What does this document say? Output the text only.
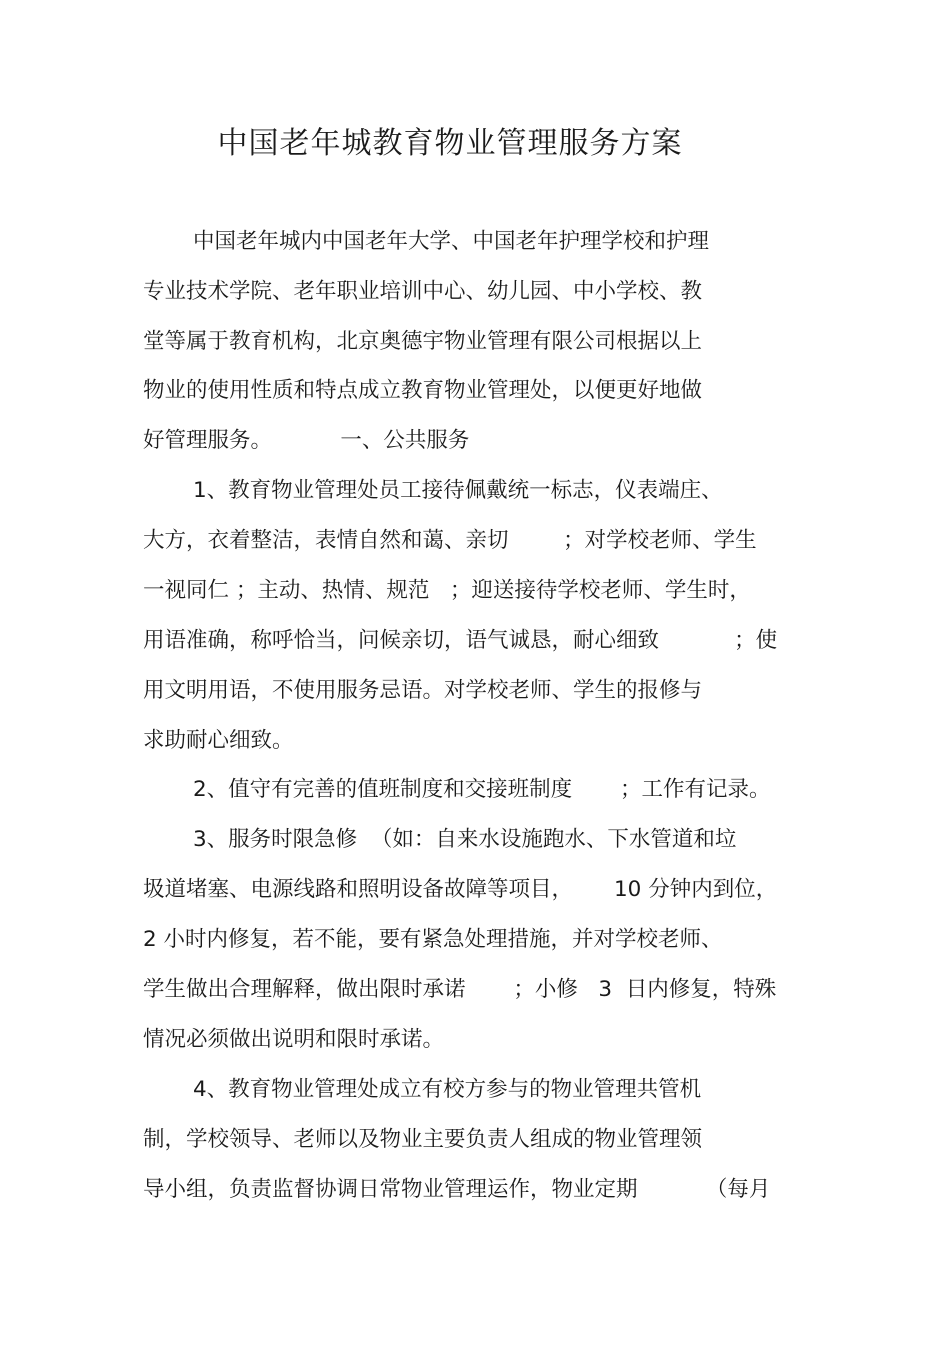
中国老年城教育物业管理服务方案
中国老年城内中国老年大学、中国老年护理学校和护理
专业技术学院、老年职业培训中心、幼儿园、中小学校、教
堂等属于教育机构，北京奥德宇物业管理有限公司根据以上
物业的使用性质和特点成立教育物业管理处，以便更好地做
好管理服务。          一、公共服务
1、教育物业管理处员工接待佩戴统一标志，仪表端庄、
大方，衣着整洁，表情自然和蔼、亲切        ；对学校老师、学生
一视同仁 ；主动、热情、规范   ；迎送接待学校老师、学生时，
用语准确，称呼恰当，问候亲切，语气诚恳，耐心细致           ；使
用文明用语，不使用服务忌语。对学校老师、学生的报修与
求助耐心细致。
2、值守有完善的值班制度和交接班制度       ；工作有记录。
3、服务时限急修  （如：自来水设施跑水、下水管道和垃
圾道堵塞、电源线路和照明设备故障等项目，      10 分钟内到位，
2 小时内修复，若不能，要有紧急处理措施，并对学校老师、
学生做出合理解释，做出限时承诺       ；小修   3  日内修复，特殊
情况必须做出说明和限时承诺。
4、教育物业管理处成立有校方参与的物业管理共管机
制，学校领导、老师以及物业主要负责人组成的物业管理领
导小组，负责监督协调日常物业管理运作，物业定期          （每月
